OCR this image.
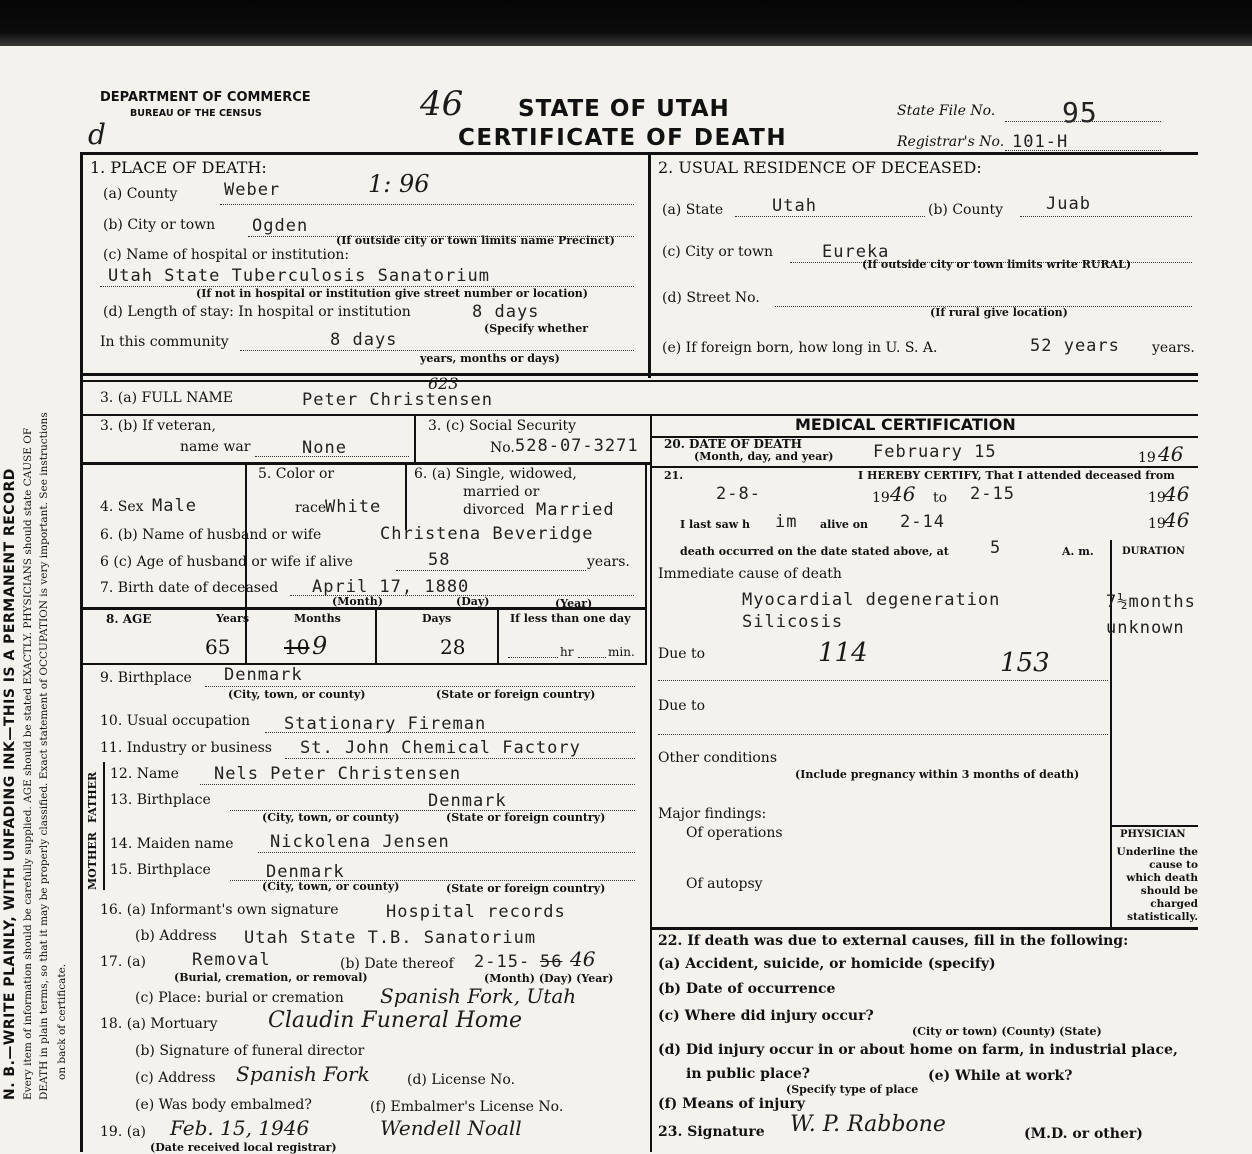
N. B.—WRITE PLAINLY, WITH UNFADING INK—THIS IS A PERMANENT RECORD Every item of information should be carefully supplied. AGE should be stated EXACTLY. PHYSICIANS should state CAUSE OF DEATH in plain terms, so that it may be properly classified. Exact statement of OCCUPATION is very important. See instructions on back of certificate.
DEPARTMENT OF COMMERCE
BUREAU OF THE CENSUS	46
d
STATE OF UTAH
CERTIFICATE OF DEATH
State File No. 95
Registrar's No. 101-H
1. PLACE OF DEATH:
(a) County	Weber	1: 96
(b) City or town Ogden
(If outside city or town limits name Precinct)
(c) Name of hospital or institution:
Utah State Tuberculosis Sanatorium
(If not in hospital or institution give street number or location)
(d) Length of stay: In hospital or institution	8 days
(Specify whether
In this community	8 days
years, months or days)
2. USUAL RESIDENCE OF DECEASED:
(a) State	Utah	(b) County	Juab
(c) City or town	Eureka
(If outside city or town limits write RURAL)
(d) Street No.
(If rural give location)
(e) If foreign born, how long in U. S. A.	52 years years.
3. (a) FULL NAME	Peter Christensen
623
MEDICAL CERTIFICATION
3. (b) If veteran,
name war	None
3. (c) Social Security
No. 528-07-3271
5. Color or
4. Sex Male	race
White
6. (a) Single, widowed,
married or
divorced Married
6. (b) Name of husband or wife	Christena Beveridge
6 (c) Age of husband or wife if alive	58	years.
7. Birth date of deceased April 17, 1880
(Month)	(Day)	(Year)
8. AGE	Years	Months	Days	If less than one day
65	10 9	28	hr	min.
9. Birthplace Denmark
(City, town, or county)	(State or foreign country)
10. Usual occupation Stationary Fireman
11. Industry or business St. John Chemical Factory
FATHER
MOTHER
12. Name Nels Peter Christensen
13. Birthplace	Denmark
(City, town, or county)	(State or foreign country)
14. Maiden name Nickolena Jensen
15. Birthplace	Denmark
(City, town, or county)	(State or foreign country)
16. (a) Informant's own signature	Hospital records
(b) Address Utah State T.B. Sanatorium
17. (a)	Removal
(Burial, cremation, or removal)
(b) Date thereof 2-15- 56 46
(Month) (Day) (Year)
(c) Place: burial or cremation Spanish Fork, Utah
18. (a) Mortuary Claudin Funeral Home
(b) Signature of funeral director
(c) Address Spanish Fork	(d) License No.
(e) Was body embalmed?	(f) Embalmer's License No.
19. (a) Feb. 15, 1946	Wendell Noall
(Date received local registrar)
20. DATE OF DEATH
(Month, day, and year) February 15	19 46
21.	I HEREBY CERTIFY, That I attended deceased from
2-8-	19 46 to 2-15	19
46
I last saw h im alive on 2-14	19
46
death occurred on the date stated above, at 5	A. m.	DURATION
Immediate cause of death
Myocardial degeneration	7½months
Silicosis	unknown
Due to	114	153
Due to
Other conditions
(Include pregnancy within 3 months of death)
Major findings:
Of operations
Of autopsy
PHYSICIAN
Underline the cause to which death should be charged statistically.
22. If death was due to external causes, fill in the following:
(a) Accident, suicide, or homicide (specify)
(b) Date of occurrence
(c) Where did injury occur?
(City or town) (County) (State)
(d) Did injury occur in or about home on farm, in industrial place,
in public place?
(Specify type of place
(e) While at work?
(f) Means of injury
23. Signature W. P. Rabbone	(M.D. or other)
